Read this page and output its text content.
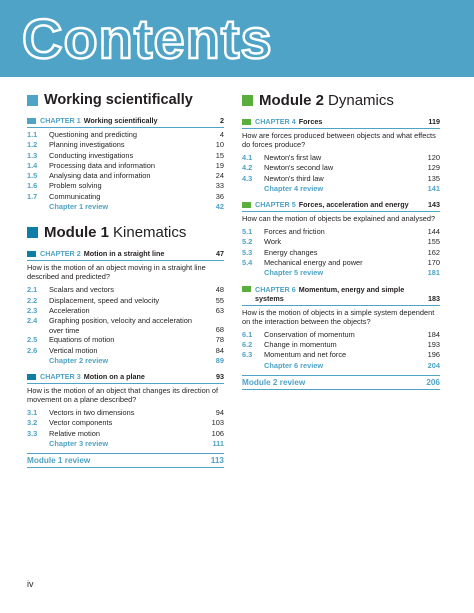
Contents
Working scientifically
CHAPTER 1 Working scientifically	2
1.1	Questioning and predicting	4
1.2	Planning investigations	10
1.3	Conducting investigations	15
1.4	Processing data and information	19
1.5	Analysing data and information	24
1.6	Problem solving	33
1.7	Communicating	36
Chapter 1 review	42
Module 1 Kinematics
CHAPTER 2 Motion in a straight line	47
How is the motion of an object moving in a straight line described and predicted?
2.1	Scalars and vectors	48
2.2	Displacement, speed and velocity	55
2.3	Acceleration	63
2.4	Graphing position, velocity and acceleration over time	68
2.5	Equations of motion	78
2.6	Vertical motion	84
Chapter 2 review	89
CHAPTER 3 Motion on a plane	93
How is the motion of an object that changes its direction of movement on a plane described?
3.1	Vectors in two dimensions	94
3.2	Vector components	103
3.3	Relative motion	106
Chapter 3 review	111
Module 1 review	113
Module 2 Dynamics
CHAPTER 4 Forces	119
How are forces produced between objects and what effects do forces produce?
4.1	Newton's first law	120
4.2	Newton's second law	129
4.3	Newton's third law	135
Chapter 4 review	141
CHAPTER 5 Forces, acceleration and energy	143
How can the motion of objects be explained and analysed?
5.1	Forces and friction	144
5.2	Work	155
5.3	Energy changes	162
5.4	Mechanical energy and power	170
Chapter 5 review	181
CHAPTER 6 Momentum, energy and simple systems	183
How is the motion of objects in a simple system dependent on the interaction between the objects?
6.1	Conservation of momentum	184
6.2	Change in momentum	193
6.3	Momentum and net force	196
Chapter 6 review	204
Module 2 review	206
iv
